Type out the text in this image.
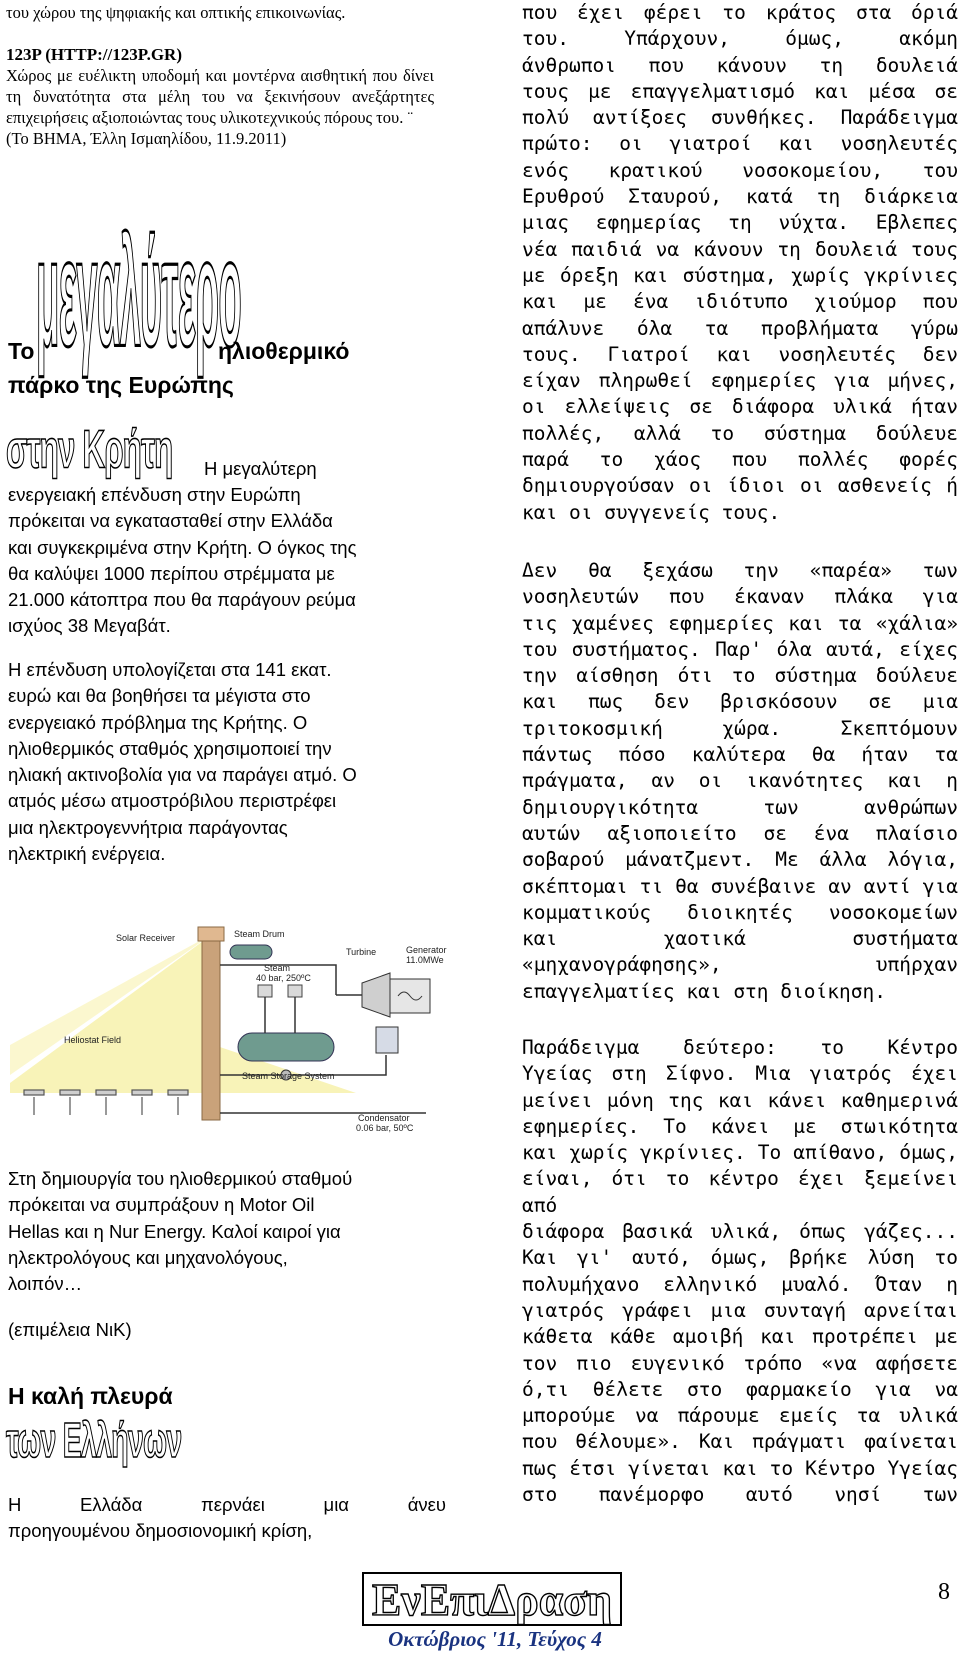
του χώρου της ψηφιακής και οπτικής επικοινωνίας.

123P (HTTP://123P.GR)

Χώρος με ευέλικτη υποδομή και μοντέρνα αισθητική που δίνει τη δυνατότητα στα μέλη του να ξεκινήσουν ανεξάρτητες επιχειρήσεις αξιοποιώντας τους υλικοτεχνικούς πόρους του. ¨

(Το ΒΗΜΑ, Έλλη Ισμαηλίδου, 11.9.2011)

μεγαλύτερο
Το	ηλιοθερμικό
πάρκο της Ευρώπης
στην Κρήτη Η μεγαλύτερη
ενεργειακή επένδυση στην Ευρώπη
πρόκειται να εγκατασταθεί στην Ελλάδα
και συγκεκριμένα στην Κρήτη. Ο όγκος της
θα καλύψει 1000 περίπου στρέμματα με
21.000 κάτοπτρα που θα παράγουν ρεύμα
ισχύος 38 Μεγαβάτ.
Η επένδυση υπολογίζεται στα 141 εκατ.
ευρώ και θα βοηθήσει τα μέγιστα στο
ενεργειακό πρόβλημα της Κρήτης. Ο
ηλιοθερμικός σταθμός χρησιμοποιεί την
ηλιακή ακτινοβολία για να παράγει ατμό. Ο
ατμός μέσω ατμοστρόβιλου περιστρέφει
μια ηλεκτρογεννήτρια παράγοντας
ηλεκτρική ενέργεια.
Solar Receiver	Steam Drum
Steam
40 bar, 250ºC
Turbine	Generator
11.0MWe
Heliostat Field
Steam Storage System
Condensator
0.06 bar, 50ºC
Στη δημιουργία του ηλιοθερμικού σταθμού
πρόκειται να συμπράξουν η Motor Oil
Hellas και η Nur Energy. Καλοί καιροί για
ηλεκτρολόγους και μηχανολόγους,
λοιπόν…
(επιμέλεια ΝιΚ)
Η καλή πλευρά
των Ελλήνων
Η Ελλάδα περνάει μια άνευ
προηγουμένου δημοσιονομική κρίση,
που έχει φέρει το κράτος στα όριά
του. Υπάρχουν, όμως, ακόμη
άνθρωποι που κάνουν τη δουλειά
τους με επαγγελματισμό και μέσα σε
πολύ αντίξοες συνθήκες. Παράδειγμα
πρώτο: οι γιατροί και νοσηλευτές
ενός κρατικού νοσοκομείου, του
Ερυθρού Σταυρού, κατά τη διάρκεια
μιας εφημερίας τη νύχτα. Εβλεπες
νέα παιδιά να κάνουν τη δουλειά τους
με όρεξη και σύστημα, χωρίς γκρίνιες
και με ένα ιδιότυπο χιούμορ που
απάλυνε όλα τα προβλήματα γύρω
τους. Γιατροί και νοσηλευτές δεν
είχαν πληρωθεί εφημερίες για μήνες,
οι ελλείψεις σε διάφορα υλικά ήταν
πολλές, αλλά το σύστημα δούλευε
παρά το χάος που πολλές φορές
δημιουργούσαν οι ίδιοι οι ασθενείς ή
και οι συγγενείς τους.
Δεν θα ξεχάσω την «παρέα» των
νοσηλευτών που έκαναν πλάκα για
τις χαμένες εφημερίες και τα «χάλια»
του συστήματος. Παρ' όλα αυτά, είχες
την αίσθηση ότι το σύστημα δούλευε
και πως δεν βρισκόσουν σε μια
τριτοκοσμική χώρα. Σκεπτόμουν
πάντως πόσο καλύτερα θα ήταν τα
πράγματα, αν οι ικανότητες και η
δημιουργικότητα των ανθρώπων
αυτών αξιοποιείτο σε ένα πλαίσιο
σοβαρού μάνατζμεντ. Με άλλα λόγια,
σκέπτομαι τι θα συνέβαινε αν αντί για
κομματικούς διοικητές νοσοκομείων
και χαοτικά συστήματα
«μηχανογράφησης», υπήρχαν
επαγγελματίες και στη διοίκηση.
Παράδειγμα δεύτερο: το Κέντρο
Υγείας στη Σίφνο. Μια γιατρός έχει
μείνει μόνη της και κάνει καθημερινά
εφημερίες. Το κάνει με στωικότητα
και χωρίς γκρίνιες. Το απίθανο, όμως,
είναι, ότι το κέντρο έχει ξεμείνει από
διάφορα βασικά υλικά, όπως γάζες...
Και γι' αυτό, όμως, βρήκε λύση το
πολυμήχανο ελληνικό μυαλό. Όταν η
γιατρός γράφει μια συνταγή αρνείται
κάθετα κάθε αμοιβή και προτρέπει με
τον πιο ευγενικό τρόπο «να αφήσετε
ό,τι θέλετε στο φαρμακείο για να
μπορούμε να πάρουμε εμείς τα υλικά
που θέλουμε». Και πράγματι φαίνεται
πως έτσι γίνεται και το Κέντρο Υγείας
στο πανέμορφο αυτό νησί των
ΕνΕπιΔραση
Οκτώβριος '11, Τεύχος 4
8
